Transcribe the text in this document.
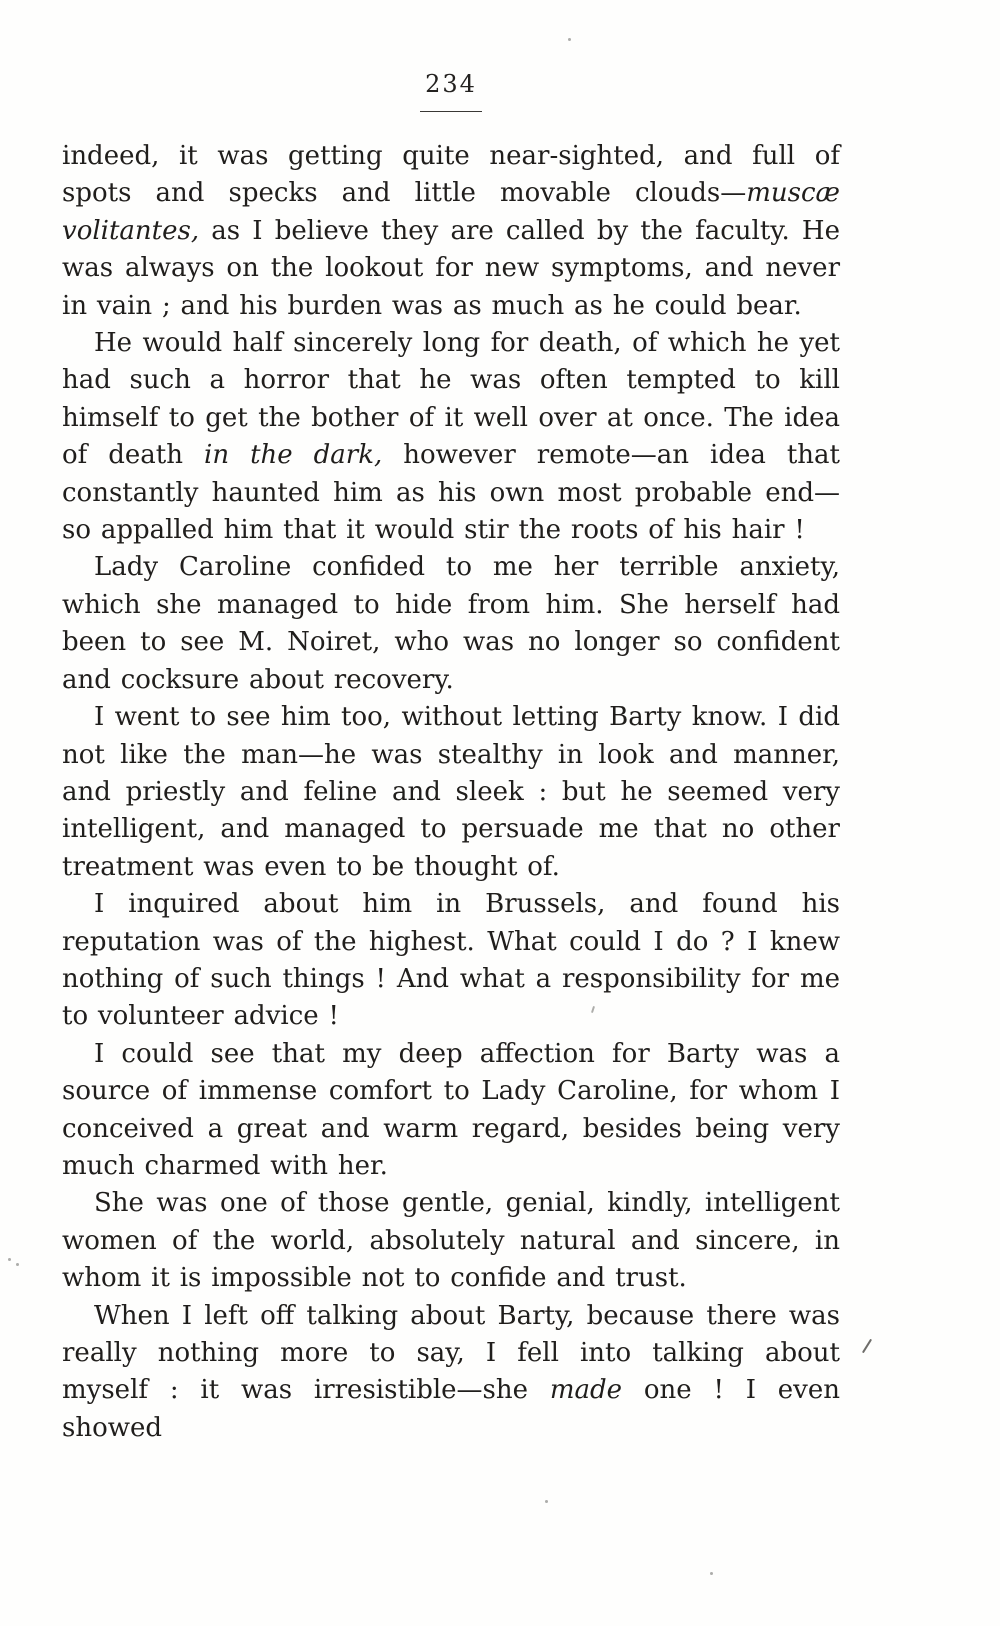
234

indeed, it was getting quite near-sighted, and full of spots and specks and little movable clouds—muscæ volitantes, as I believe they are called by the faculty. He was always on the lookout for new symptoms, and never in vain ; and his burden was as much as he could bear.

He would half sincerely long for death, of which he yet had such a horror that he was often tempted to kill himself to get the bother of it well over at once. The idea of death in the dark, however remote—an idea that constantly haunted him as his own most probable end—so appalled him that it would stir the roots of his hair !

Lady Caroline confided to me her terrible anxiety, which she managed to hide from him. She herself had been to see M. Noiret, who was no longer so confident and cocksure about recovery.

I went to see him too, without letting Barty know. I did not like the man—he was stealthy in look and manner, and priestly and feline and sleek : but he seemed very intelligent, and managed to persuade me that no other treatment was even to be thought of.

I inquired about him in Brussels, and found his reputation was of the highest. What could I do ? I knew nothing of such things ! And what a responsibility for me to volunteer advice !

I could see that my deep affection for Barty was a source of immense comfort to Lady Caroline, for whom I conceived a great and warm regard, besides being very much charmed with her.

She was one of those gentle, genial, kindly, intelligent women of the world, absolutely natural and sincere, in whom it is impossible not to confide and trust.

When I left off talking about Barty, because there was really nothing more to say, I fell into talking about myself : it was irresistible—she made one ! I even showed
